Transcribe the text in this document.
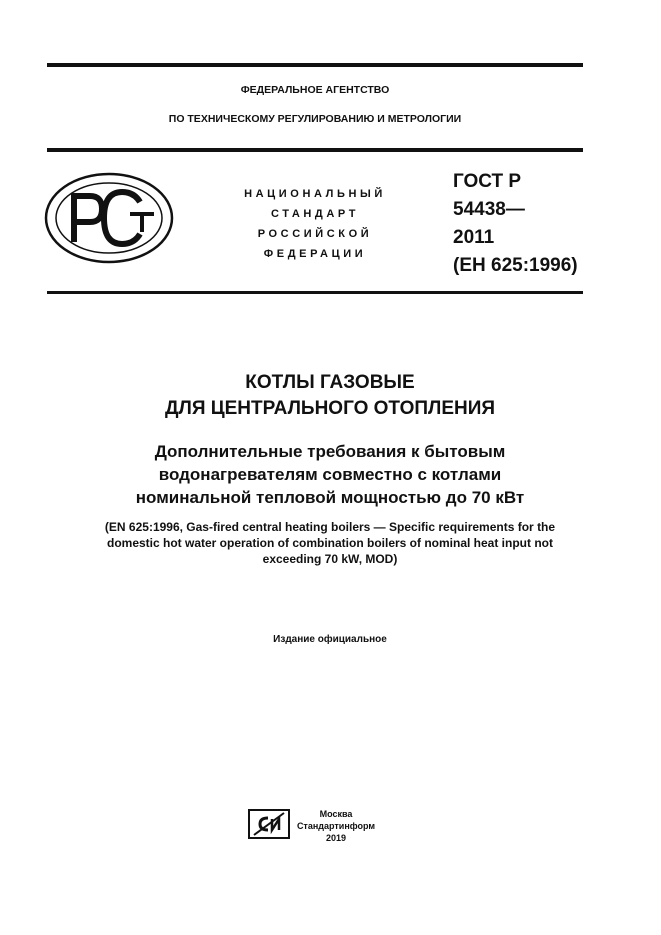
ФЕДЕРАЛЬНОЕ АГЕНТСТВО
ПО ТЕХНИЧЕСКОМУ РЕГУЛИРОВАНИЮ И МЕТРОЛОГИИ
НАЦИОНАЛЬНЫЙ
СТАНДАРТ
РОССИЙСКОЙ
ФЕДЕРАЦИИ
ГОСТ Р
54438—
2011
(ЕН 625:1996)
КОТЛЫ ГАЗОВЫЕ
ДЛЯ ЦЕНТРАЛЬНОГО ОТОПЛЕНИЯ
Дополнительные требования к бытовым
водонагревателям совместно с котлами
номинальной тепловой мощностью до 70 кВт
(EN 625:1996, Gas-fired central heating boilers — Specific requirements for the
domestic hot water operation of combination boilers of nominal heat input not
exceeding 70 kW, MOD)
Издание официальное
Москва
Стандартинформ
2019
